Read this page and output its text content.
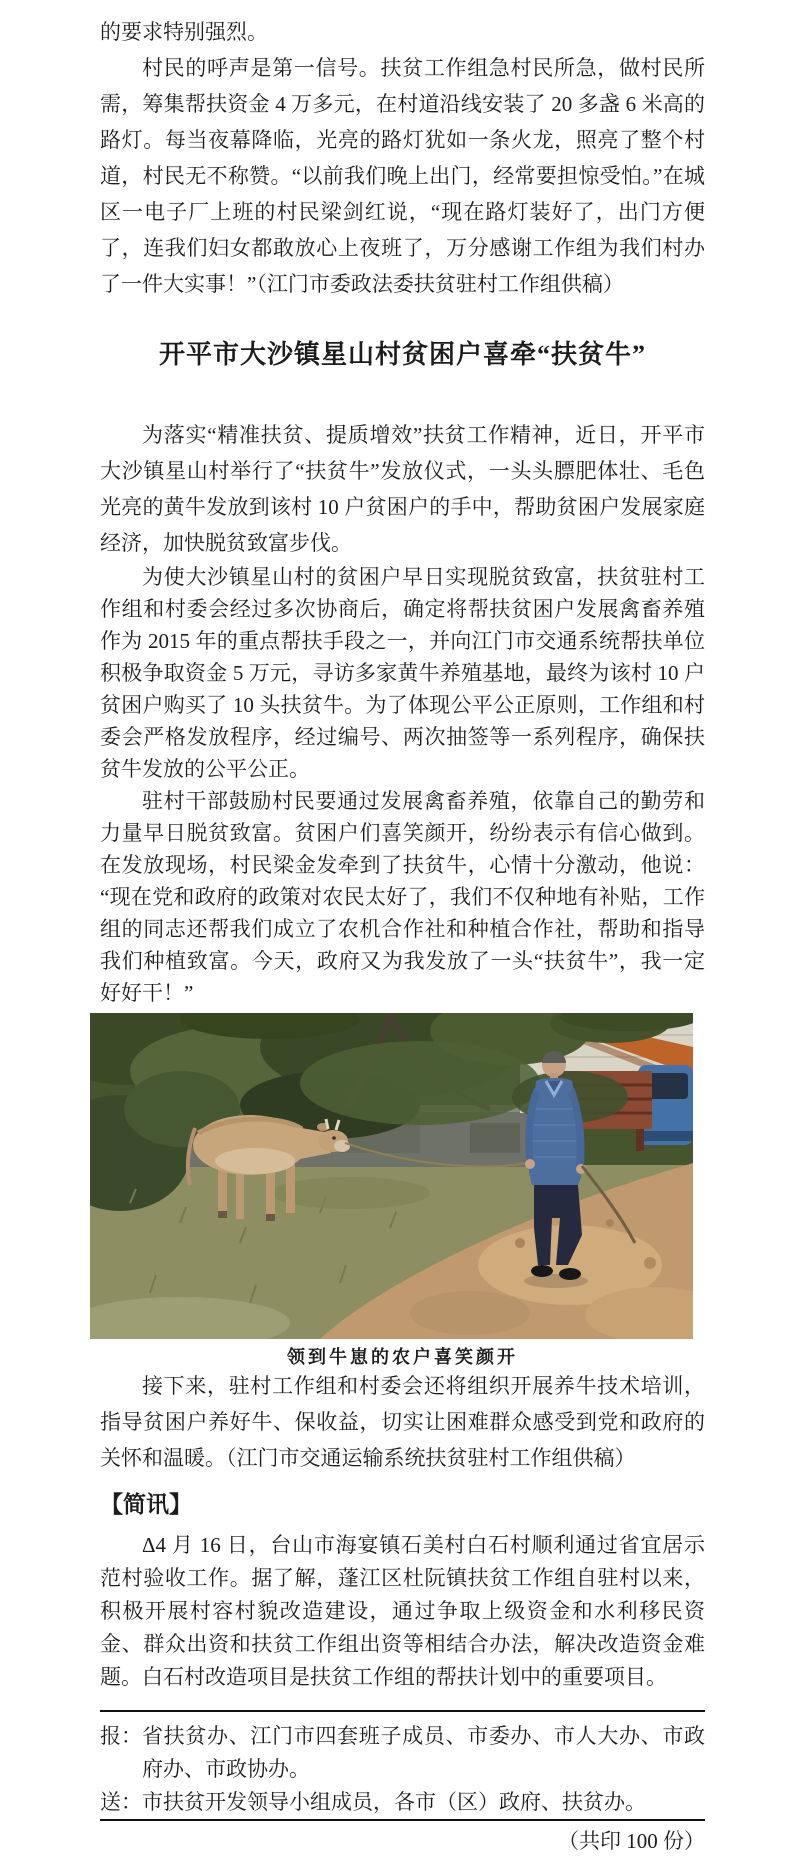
的要求特别强烈。

村民的呼声是第一信号。扶贫工作组急村民所急，做村民所需，筹集帮扶资金 4 万多元，在村道沿线安装了 20 多盏 6 米高的路灯。每当夜幕降临，光亮的路灯犹如一条火龙，照亮了整个村道，村民无不称赞。“以前我们晚上出门，经常要担惊受怕。”在城区一电子厂上班的村民梁剑红说，“现在路灯装好了，出门方便了，连我们妇女都敢放心上夜班了，万分感谢工作组为我们村办了一件大实事！”（江门市委政法委扶贫驻村工作组供稿）

开平市大沙镇星山村贫困户喜牵“扶贫牛”

为落实“精准扶贫、提质增效”扶贫工作精神，近日，开平市大沙镇星山村举行了“扶贫牛”发放仪式，一头头膘肥体壮、毛色光亮的黄牛发放到该村 10 户贫困户的手中，帮助贫困户发展家庭经济，加快脱贫致富步伐。

为使大沙镇星山村的贫困户早日实现脱贫致富，扶贫驻村工作组和村委会经过多次协商后，确定将帮扶贫困户发展禽畜养殖作为 2015 年的重点帮扶手段之一，并向江门市交通系统帮扶单位积极争取资金 5 万元，寻访多家黄牛养殖基地，最终为该村 10 户贫困户购买了 10 头扶贫牛。为了体现公平公正原则，工作组和村委会严格发放程序，经过编号、两次抽签等一系列程序，确保扶贫牛发放的公平公正。

驻村干部鼓励村民要通过发展禽畜养殖，依靠自己的勤劳和力量早日脱贫致富。贫困户们喜笑颜开，纷纷表示有信心做到。在发放现场，村民梁金发牵到了扶贫牛，心情十分激动，他说：“现在党和政府的政策对农民太好了，我们不仅种地有补贴，工作组的同志还帮我们成立了农机合作社和种植合作社，帮助和指导我们种植致富。今天，政府又为我发放了一头“扶贫牛”，我一定好好干！”

领到牛崽的农户喜笑颜开

接下来，驻村工作组和村委会还将组织开展养牛技术培训，指导贫困户养好牛、保收益，切实让困难群众感受到党和政府的关怀和温暖。（江门市交通运输系统扶贫驻村工作组供稿）

【简讯】

Δ4 月 16 日，台山市海宴镇石美村白石村顺利通过省宜居示范村验收工作。据了解，蓬江区杜阮镇扶贫工作组自驻村以来，积极开展村容村貌改造建设，通过争取上级资金和水利移民资金、群众出资和扶贫工作组出资等相结合办法，解决改造资金难题。白石村改造项目是扶贫工作组的帮扶计划中的重要项目。

报： 省扶贫办、江门市四套班子成员、市委办、市人大办、市政府办、市政协办。
送： 市扶贫开发领导小组成员，各市（区）政府、扶贫办。
（共印 100 份）
